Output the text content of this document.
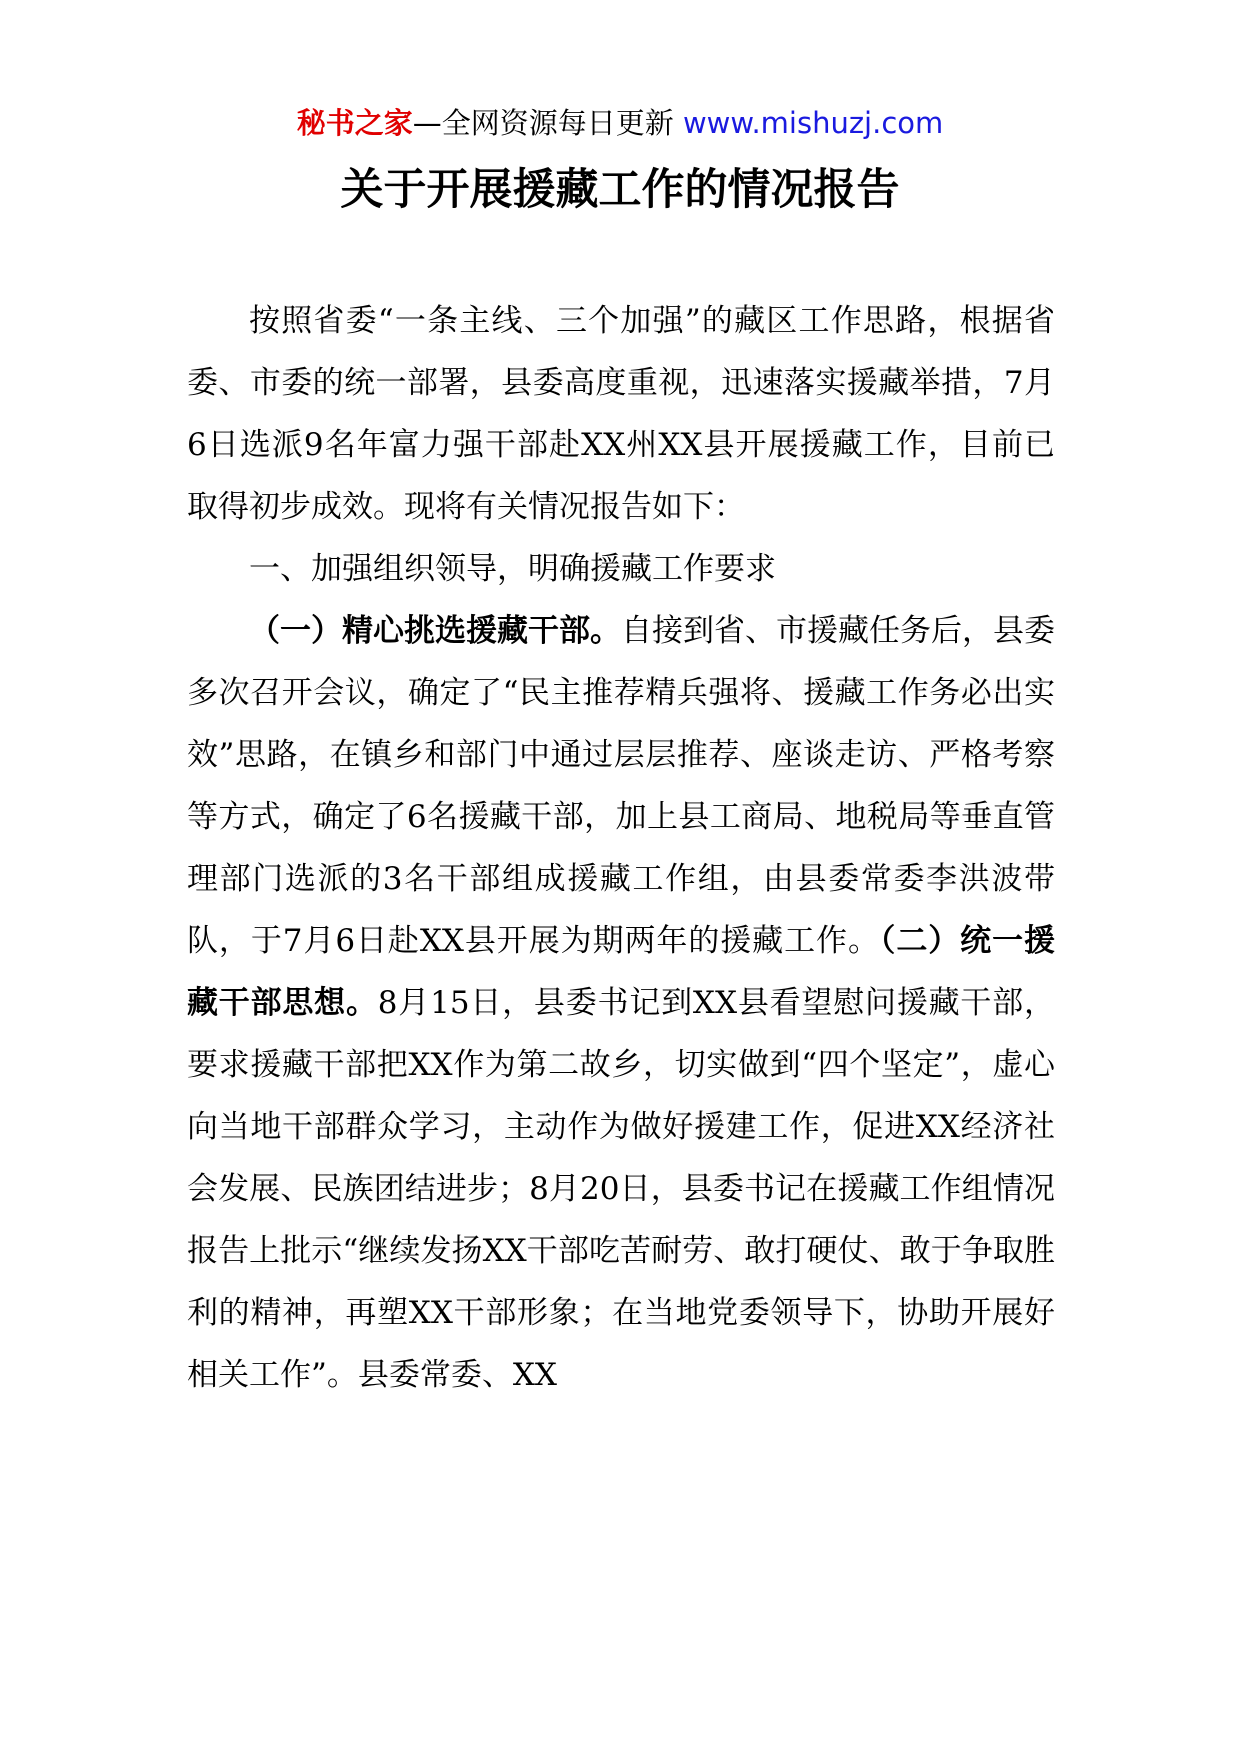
秘书之家—全网资源每日更新 www.mishuzj.com
关于开展援藏工作的情况报告

按照省委“一条主线、三个加强”的藏区工作思路，根据省委、市委的统一部署，县委高度重视，迅速落实援藏举措，7月6日选派9名年富力强干部赴XX州XX县开展援藏工作，目前已取得初步成效。现将有关情况报告如下：

一、加强组织领导，明确援藏工作要求

（一）精心挑选援藏干部。自接到省、市援藏任务后，县委多次召开会议，确定了“民主推荐精兵强将、援藏工作务必出实效”思路，在镇乡和部门中通过层层推荐、座谈走访、严格考察等方式，确定了6名援藏干部，加上县工商局、地税局等垂直管理部门选派的3名干部组成援藏工作组，由县委常委李洪波带队，于7月6日赴XX县开展为期两年的援藏工作。（二）统一援藏干部思想。8月15日，县委书记到XX县看望慰问援藏干部，要求援藏干部把XX作为第二故乡，切实做到“四个坚定”，虚心向当地干部群众学习，主动作为做好援建工作，促进XX经济社会发展、民族团结进步；8月20日，县委书记在援藏工作组情况报告上批示“继续发扬XX干部吃苦耐劳、敢打硬仗、敢于争取胜利的精神，再塑XX干部形象；在当地党委领导下，协助开展好相关工作”。县委常委、XX
